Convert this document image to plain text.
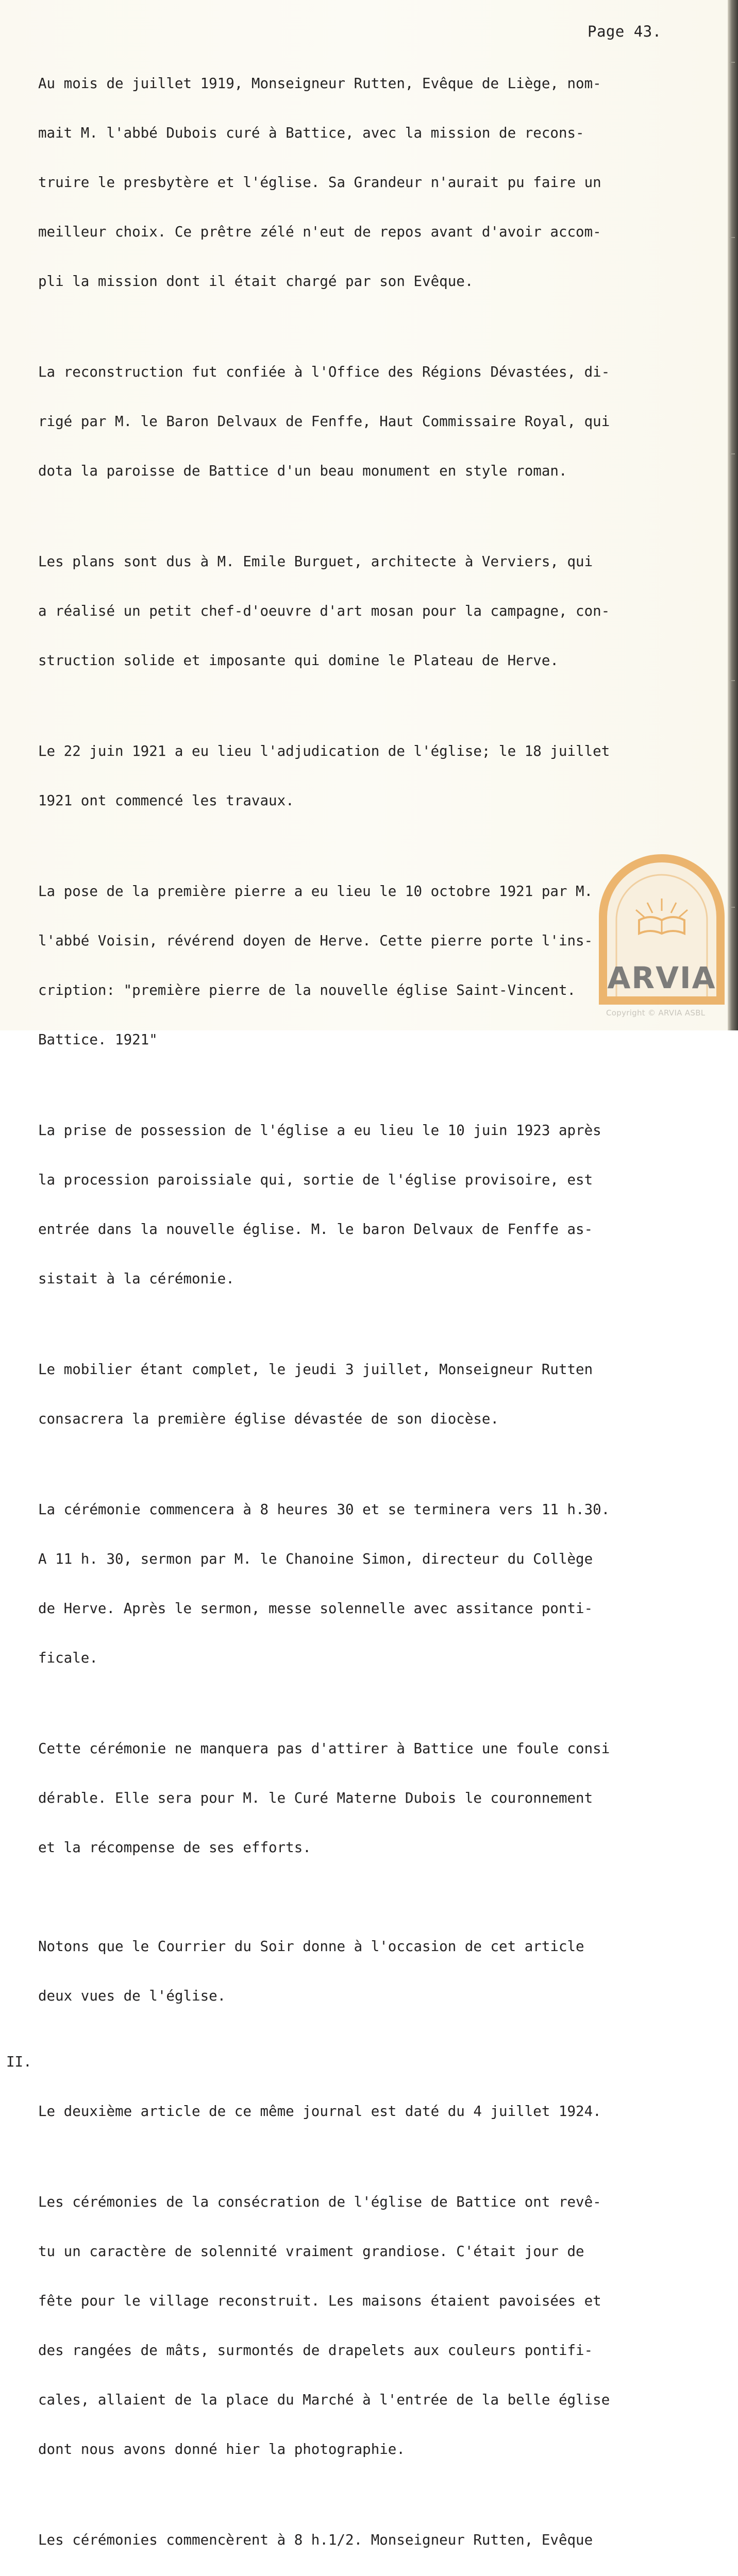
Page 43.

Au mois de juillet 1919, Monseigneur Rutten, Evêque de Liège, nom-

mait M. l'abbé Dubois curé à Battice, avec la mission de recons-

truire le presbytère et l'église. Sa Grandeur n'aurait pu faire un

meilleur choix. Ce prêtre zélé n'eut de repos avant d'avoir accom-

pli la mission dont il était chargé par son Evêque.

La reconstruction fut confiée à l'Office des Régions Dévastées, di-

rigé par M. le Baron Delvaux de Fenffe, Haut Commissaire Royal, qui

dota la paroisse de Battice d'un beau monument en style roman.

Les plans sont dus à M. Emile Burguet, architecte à Verviers, qui

a réalisé un petit chef-d'oeuvre d'art mosan pour la campagne, con-

struction solide et imposante qui domine le Plateau de Herve.

Le 22 juin 1921 a eu lieu l'adjudication de l'église; le 18 juillet

1921 ont commencé les travaux.

La pose de la première pierre a eu lieu le 10 octobre 1921 par M.

l'abbé Voisin, révérend doyen de Herve. Cette pierre porte l'ins-

cription: "première pierre de la nouvelle église Saint-Vincent.

Battice. 1921"

La prise de possession de l'église a eu lieu le 10 juin 1923 après

la procession paroissiale qui, sortie de l'église provisoire, est

entrée dans la nouvelle église. M. le baron Delvaux de Fenffe as-

sistait à la cérémonie.

Le mobilier étant complet, le jeudi 3 juillet, Monseigneur Rutten

consacrera la première église dévastée de son diocèse.

La cérémonie commencera à 8 heures 30 et se terminera vers 11 h.30.

A 11 h. 30, sermon par M. le Chanoine Simon, directeur du Collège

de Herve. Après le sermon, messe solennelle avec assitance ponti-

ficale.

Cette cérémonie ne manquera pas d'attirer à Battice une foule consi

dérable. Elle sera pour M. le Curé Materne Dubois le couronnement

et la récompense de ses efforts.

Notons que le Courrier du Soir donne à l'occasion de cet article

deux vues de l'église.

II.

Le deuxième article de ce même journal est daté du 4 juillet 1924.

Les cérémonies de la consécration de l'église de Battice ont revê-

tu un caractère de solennité vraiment grandiose. C'était jour de

fête pour le village reconstruit. Les maisons étaient pavoisées et

des rangées de mâts, surmontés de drapelets aux couleurs pontifi-

cales, allaient de la place du Marché à l'entrée de la belle église

dont nous avons donné hier la photographie.

Les cérémonies commencèrent à 8 h.1/2. Monseigneur Rutten, Evêque

ARVIA
Copyright © ARVIA ASBL
